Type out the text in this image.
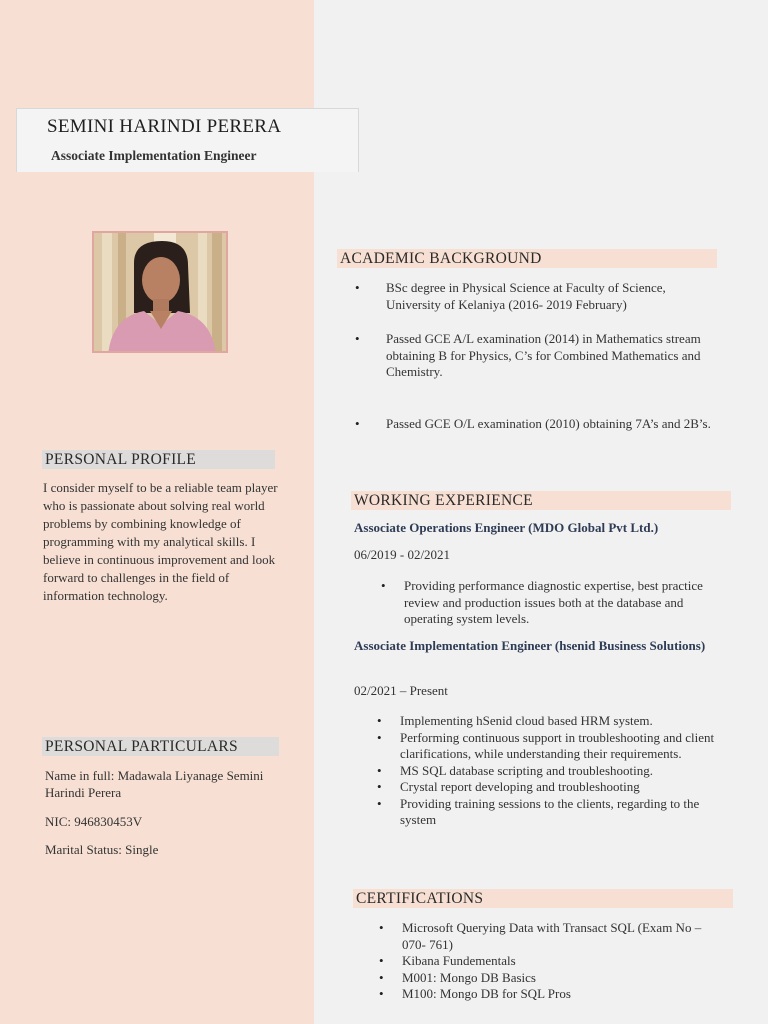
SEMINI HARINDI PERERA
Associate Implementation Engineer
PERSONAL PROFILE
I consider myself to be a reliable team player who is passionate about solving real world problems by combining knowledge of programming with my analytical skills. I believe in continuous improvement and look forward to challenges in the field of information technology.
PERSONAL PARTICULARS
Name in full: Madawala Liyanage Semini Harindi Perera
NIC: 946830453V
Marital Status: Single
ACADEMIC BACKGROUND
• BSc degree in Physical Science at Faculty of Science, University of Kelaniya (2016- 2019 February)
• Passed GCE A/L examination (2014) in Mathematics stream obtaining B for Physics, C’s for Combined Mathematics and Chemistry.
• Passed GCE O/L examination (2010) obtaining 7A’s and 2B’s.
WORKING EXPERIENCE
Associate Operations Engineer (MDO Global Pvt Ltd.)
06/2019 - 02/2021
• Providing performance diagnostic expertise, best practice review and production issues both at the database and operating system levels.
Associate Implementation Engineer (hsenid Business Solutions)
02/2021 – Present
• Implementing hSenid cloud based HRM system.
• Performing continuous support in troubleshooting and client clarifications, while understanding their requirements.
• MS SQL database scripting and troubleshooting.
• Crystal report developing and troubleshooting
• Providing training sessions to the clients, regarding to the system
CERTIFICATIONS
• Microsoft Querying Data with Transact SQL (Exam No – 070- 761)
• Kibana Fundementals
• M001: Mongo DB Basics
• M100: Mongo DB for SQL Pros
